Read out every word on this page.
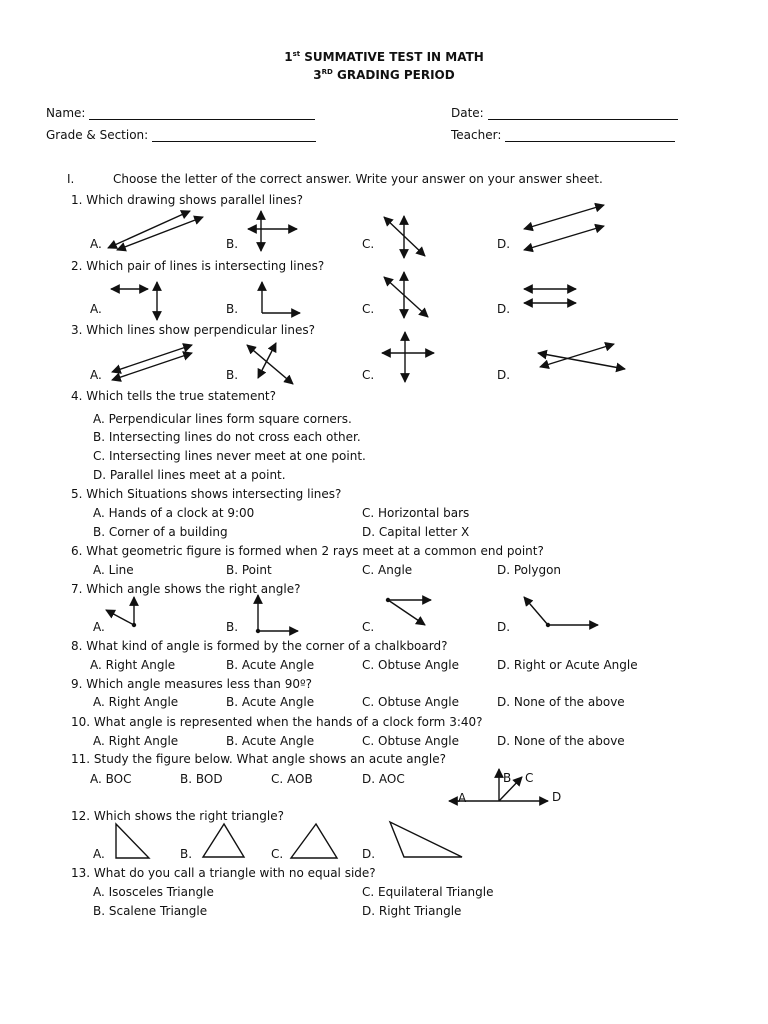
1st SUMMATIVE TEST IN MATH
3RD GRADING PERIOD
Name:	Date:
Grade & Section:	Teacher:
I.	Choose the letter of the correct answer. Write your answer on your answer sheet.
1. Which drawing shows parallel lines?
A.	B.	C.	D.
2. Which pair of lines is intersecting lines?
A.	B.	C.	D.
3. Which lines show perpendicular lines?
A.	B.	C.	D.
4. Which tells the true statement?
A. Perpendicular lines form square corners.
B. Intersecting lines do not cross each other.
C. Intersecting lines never meet at one point.
D. Parallel lines meet at a point.
5. Which Situations shows intersecting lines?
A. Hands of a clock at 9:00
B. Corner of a building
C. Horizontal bars
D. Capital letter X
6. What geometric figure is formed when 2 rays meet at a common end point?
A. Line	B. Point	C. Angle	D. Polygon
7. Which angle shows the right angle?
A.	B.	C.	D.
8. What kind of angle is formed by the corner of a chalkboard?
A. Right Angle	B. Acute Angle	C. Obtuse Angle	D. Right or Acute Angle
9. Which angle measures less than 90º?
A. Right Angle	B. Acute Angle	C. Obtuse Angle	D. None of the above
10. What angle is represented when the hands of a clock form 3:40?
A. Right Angle	B. Acute Angle	C. Obtuse Angle	D. None of the above
11. Study the figure below. What angle shows an acute angle?
A. BOC	B. BOD	C. AOB	D. AOC
A
B C
D
12. Which shows the right triangle?
A.	B.	C.	D.
13. What do you call a triangle with no equal side?
A. Isosceles Triangle
B. Scalene Triangle
C. Equilateral Triangle
D. Right Triangle
